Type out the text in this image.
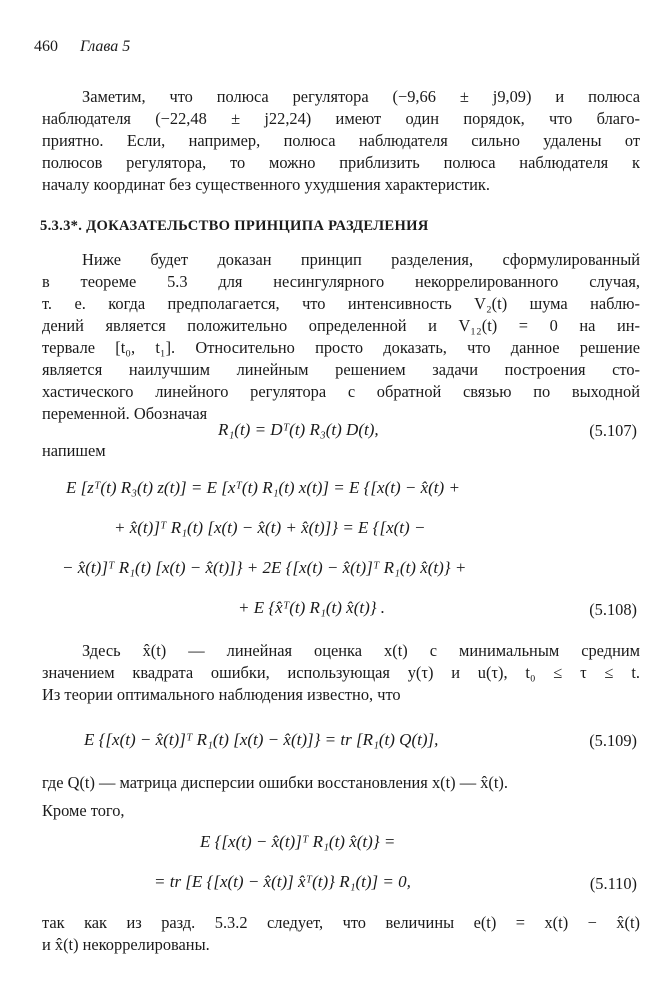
460 Глава 5
Заметим, что полюса регулятора (−9,66 ± j9,09) и полюса
наблюдателя (−22,48 ± j22,24) имеют один порядок, что благо-
приятно. Если, например, полюса наблюдателя сильно удалены от
полюсов регулятора, то можно приблизить полюса наблюдателя к
началу координат без существенного ухудшения характеристик.
5.3.3*. ДОКАЗАТЕЛЬСТВО ПРИНЦИПА РАЗДЕЛЕНИЯ
Ниже будет доказан принцип разделения, сформулированный
в теореме 5.3 для несингулярного некоррелированного случая,
т. е. когда предполагается, что интенсивность V₂(t) шума наблю-
дений является положительно определенной и V₁₂(t) = 0 на ин-
тервале [t₀, t₁]. Относительно просто доказать, что данное решение
является наилучшим линейным решением задачи построения сто-
хастического линейного регулятора с обратной связью по выходной
переменной. Обозначая
R₁(t) = Dᵀ(t) R₃(t) D(t),	(5.107)
напишем
E [zᵀ(t) R₃(t) z(t)] = E [xᵀ(t) R₁(t) x(t)] = E {[x(t) − x̂(t) +
+ x̂(t)]ᵀ R₁(t) [x(t) − x̂(t) + x̂(t)]} = E {[x(t) −
− x̂(t)]ᵀ R₁(t) [x(t) − x̂(t)]} + 2E {[x(t) − x̂(t)]ᵀ R₁(t) x̂(t)} +
+ E {x̂ᵀ(t) R₁(t) x̂(t)} .	(5.108)
Здесь x̂(t) — линейная оценка x(t) с минимальным средним
значением квадрата ошибки, использующая y(τ) и u(τ), t₀ ≤ τ ≤ t.
Из теории оптимального наблюдения известно, что
E {[x(t) − x̂(t)]ᵀ R₁(t) [x(t) − x̂(t)]} = tr [R₁(t) Q(t)],	(5.109)
где Q(t) — матрица дисперсии ошибки восстановления x(t) — x̂(t).
Кроме того,
E {[x(t) − x̂(t)]ᵀ R₁(t) x̂(t)} =
= tr [E {[x(t) − x̂(t)] x̂ᵀ(t)} R₁(t)] = 0,	(5.110)
так как из разд. 5.3.2 следует, что величины e(t) = x(t) − x̂(t)
и x̂(t) некоррелированы.
